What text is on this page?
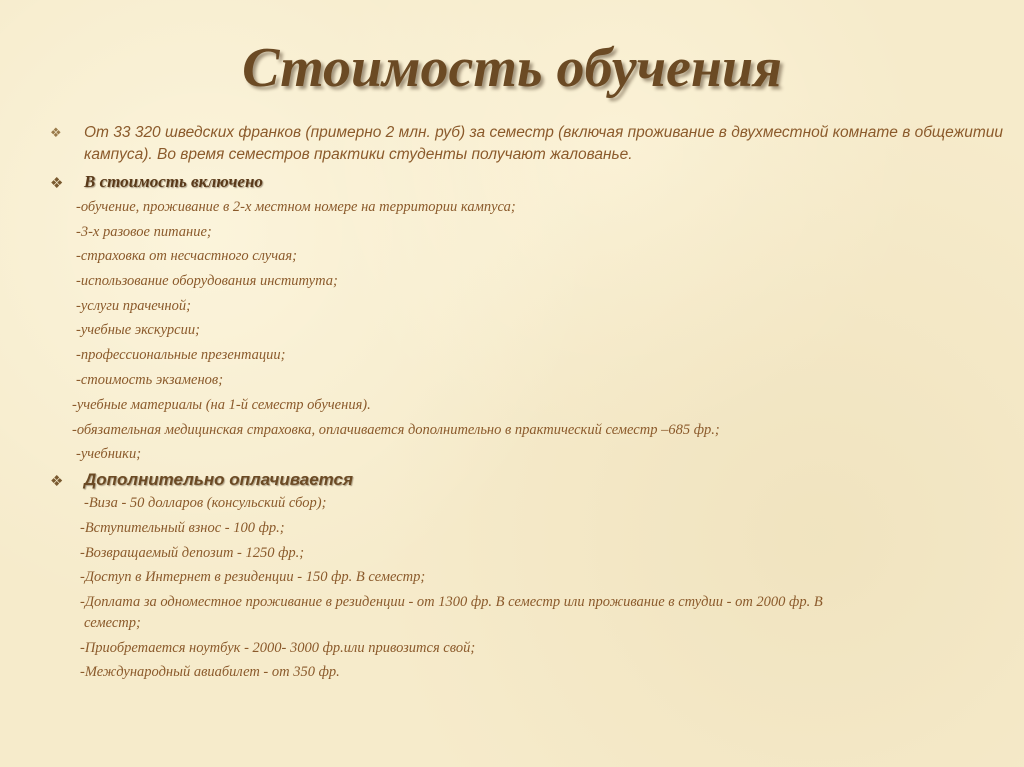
Стоимость обучения
❖ От 33 320 шведских франков (примерно 2 млн. руб) за семестр (включая проживание в двухместной комнате в общежитии кампуса). Во время семестров практики студенты получают жалованье.
❖ В стоимость включено
-обучение, проживание в 2-х местном номере на территории кампуса;
-3-х разовое питание;
-страховка от несчастного случая;
-использование оборудования института;
-услуги прачечной;
-учебные экскурсии;
-профессиональные презентации;
-стоимость экзаменов;
-учебные материалы (на 1-й семестр обучения).
-обязательная медицинская страховка, оплачивается дополнительно в практический семестр –685 фр.;
-учебники;
❖ Дополнительно оплачивается
-Виза - 50 долларов (консульский сбор);
-Вступительный взнос - 100 фр.;
-Возвращаемый депозит - 1250 фр.;
-Доступ в Интернет в резиденции - 150 фр. В семестр;
-Доплата за одноместное проживание в резиденции - от 1300 фр. В семестр или проживание в студии - от 2000 фр. В
семестр;
-Приобретается ноутбук - 2000- 3000 фр.или привозится свой;
-Международный авиабилет - от 350 фр.
